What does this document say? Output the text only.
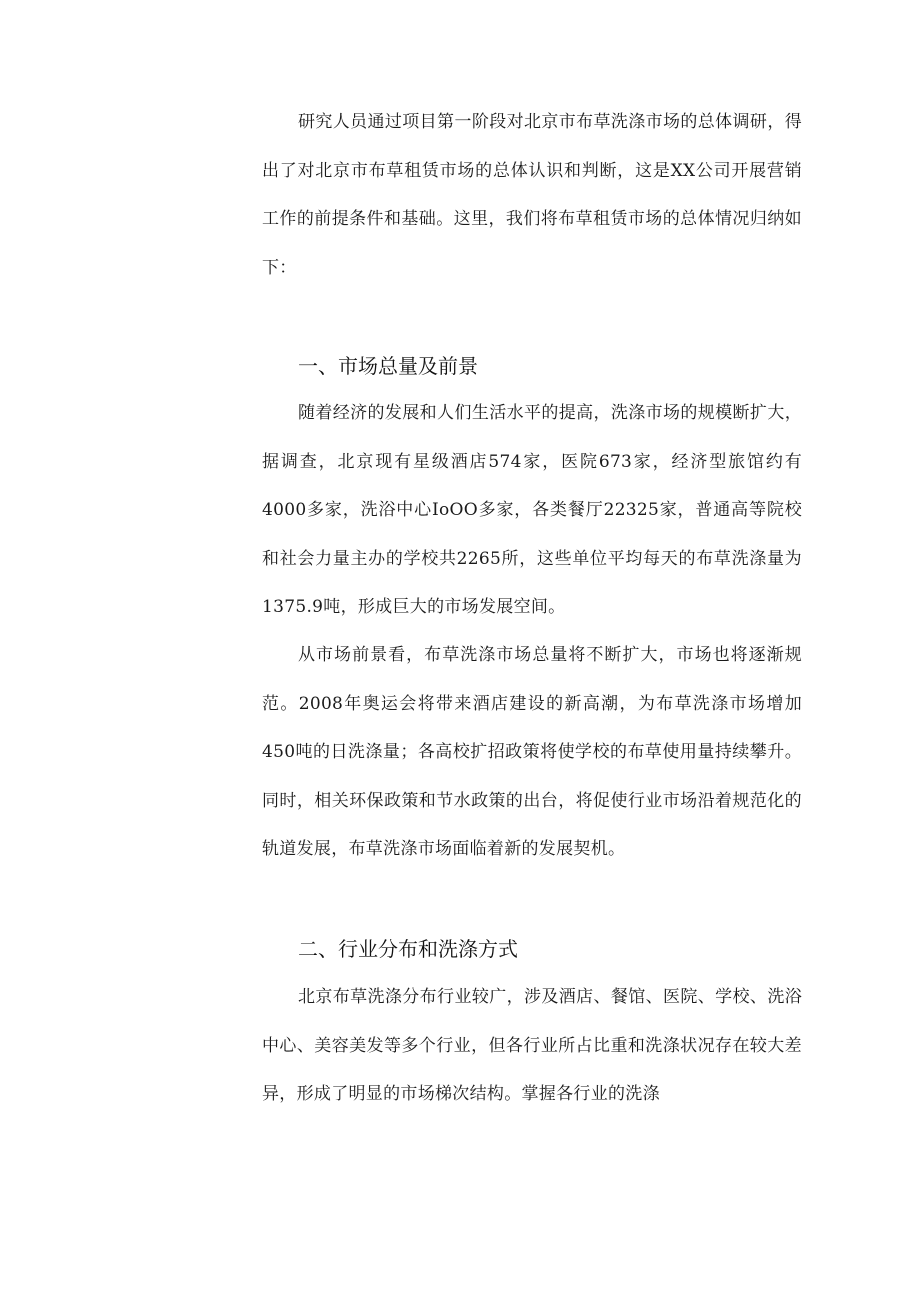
研究人员通过项目第一阶段对北京市布草洗涤市场的总体调研，得出了对北京市布草租赁市场的总体认识和判断，这是XX公司开展营销工作的前提条件和基础。这里，我们将布草租赁市场的总体情况归纳如下：

一、市场总量及前景

随着经济的发展和人们生活水平的提高，洗涤市场的规模断扩大，据调查，北京现有星级酒店574家，医院673家，经济型旅馆约有4000多家，洗浴中心IoOO多家，各类餐厅22325家，普通高等院校和社会力量主办的学校共2265所，这些单位平均每天的布草洗涤量为1375.9吨，形成巨大的市场发展空间。

从市场前景看，布草洗涤市场总量将不断扩大，市场也将逐渐规范。2008年奥运会将带来酒店建设的新高潮，为布草洗涤市场增加450吨的日洗涤量；各高校扩招政策将使学校的布草使用量持续攀升。同时，相关环保政策和节水政策的出台，将促使行业市场沿着规范化的轨道发展，布草洗涤市场面临着新的发展契机。

二、行业分布和洗涤方式

北京布草洗涤分布行业较广，涉及酒店、餐馆、医院、学校、洗浴中心、美容美发等多个行业，但各行业所占比重和洗涤状况存在较大差异，形成了明显的市场梯次结构。掌握各行业的洗涤
